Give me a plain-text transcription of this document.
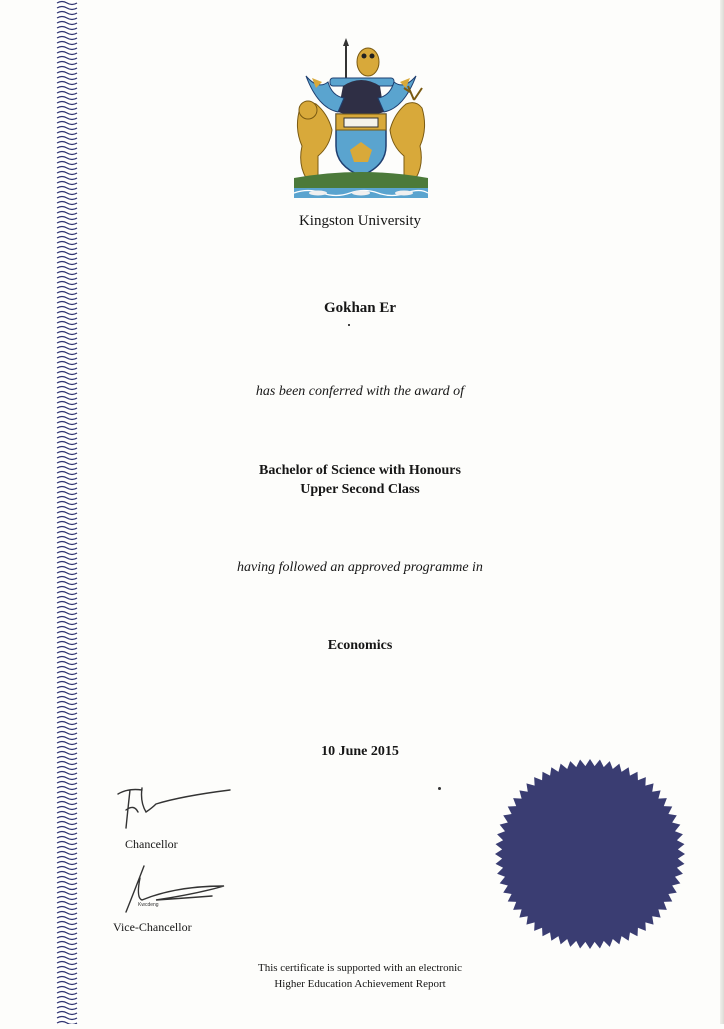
Kingston University
Gokhan Er
has been conferred with the award of
Bachelor of Science with Honours
Upper Second Class
having followed an approved programme in
Economics
10 June 2015
Chancellor
Kwcdeng
Vice-Chancellor
This certificate is supported with an electronic
Higher Education Achievement Report
